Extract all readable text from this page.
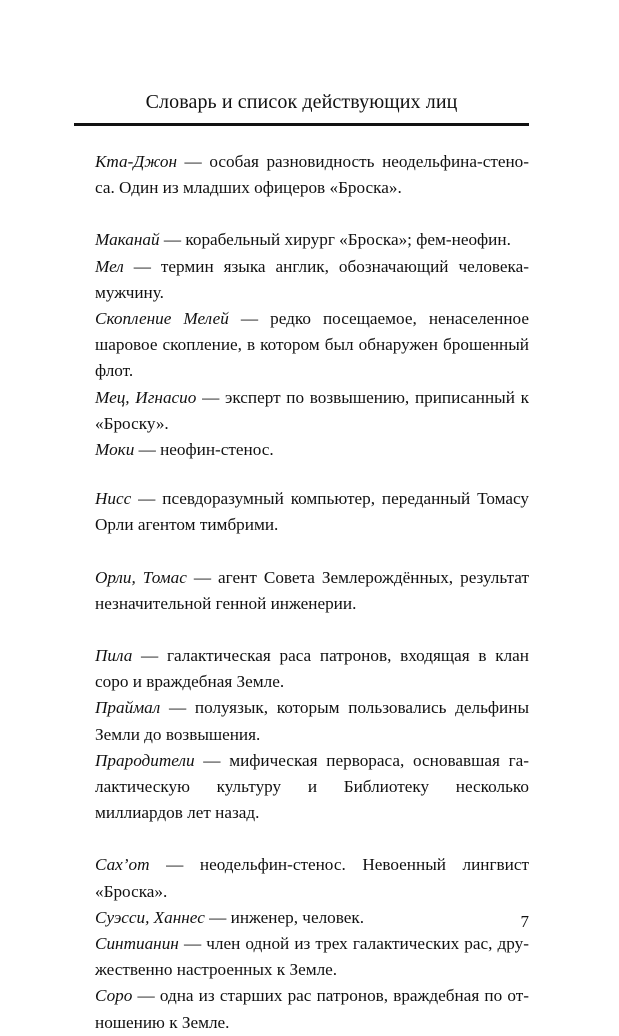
Словарь и список действующих лиц

Кта-Джон — особая разновидность неодельфина-стеноса. Один из младших офицеров «Броска».

Маканай — корабельный хирург «Броска»; фем-неофин.

Мел — термин языка англик, обозначающий человека-мужчину.

Скопление Мелей — редко посещаемое, ненаселенное шаровое скопление, в котором был обнаружен брошенный флот.

Мец, Игнасио — эксперт по возвышению, приписанный к «Броску».

Моки — неофин-стенос.

Нисс — псевдоразумный компьютер, переданный Томасу Орли агентом тимбрими.

Орли, Томас — агент Совета Землерождённых, результат незначительной генной инженерии.

Пила — галактическая раса патронов, входящая в клан соро и враждебная Земле.

Праймал — полуязык, которым пользовались дельфины Земли до возвышения.

Прародители — мифическая первораса, основавшая галактическую культуру и Библиотеку несколько миллиардов лет назад.

Сах’от — неодельфин-стенос. Невоенный лингвист «Броска».

Суэсси, Ханнес — инженер, человек.

Синтианин — член одной из трех галактических рас, дружественно настроенных к Земле.

Соро — одна из старших рас патронов, враждебная по отношению к Земле.

7
